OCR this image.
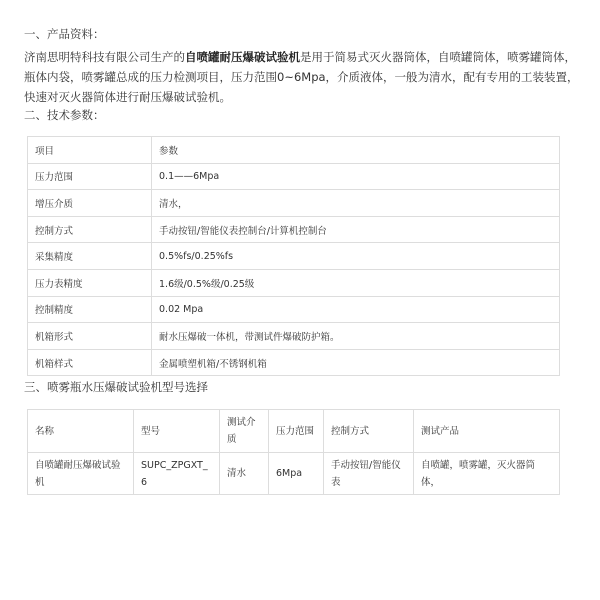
一、产品资料：

济南思明特科技有限公司生产的自喷罐耐压爆破试验机是用于简易式灭火器筒体，自喷罐筒体，喷雾罐筒体，瓶体内袋，喷雾罐总成的压力检测项目，压力范围0~6Mpa，介质液体，一般为清水，配有专用的工装装置，快速对灭火器筒体进行耐压爆破试验机。

二、技术参数：
项目	参数
压力范围	0.1——6Mpa
增压介质	清水，
控制方式	手动按钮/智能仪表控制台/计算机控制台
采集精度	0.5%fs/0.25%fs
压力表精度	1.6级/0.5%级/0.25级
控制精度	0.02 Mpa
机箱形式	耐水压爆破一体机，带测试件爆破防护箱。
机箱样式	金属喷塑机箱/不锈钢机箱
三、喷雾瓶水压爆破试验机型号选择
名称	型号	测试介质	压力范围	控制方式	测试产品
自喷罐耐压爆破试验机	SUPC_ZPGXT_6	清水	6Mpa	手动按钮/智能仪表	自喷罐，喷雾罐，灭火器筒体，
